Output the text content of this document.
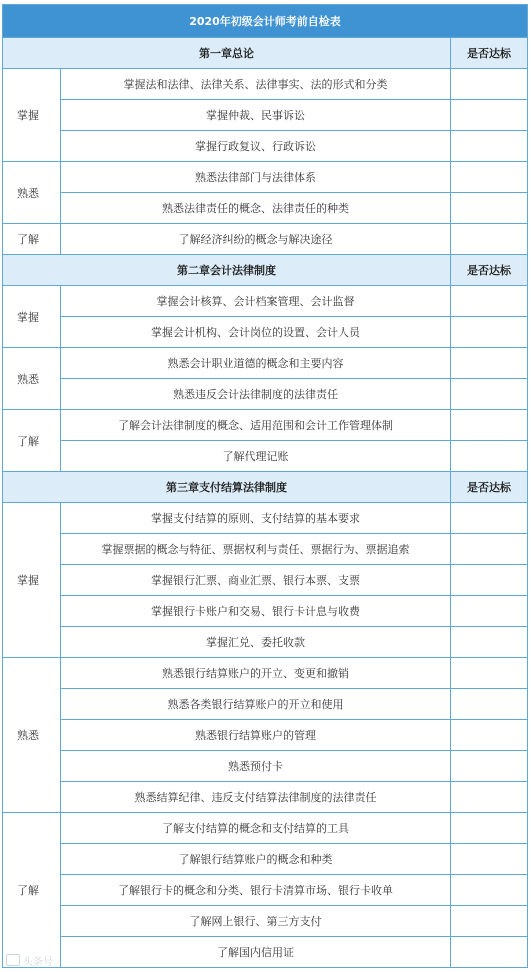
2020年初级会计师考前自检表		
第一章总论		是否达标
掌握	掌握法和法律、法律关系、法律事实、法的形式和分类	
	掌握仲裁、民事诉讼	
	掌握行政复议、行政诉讼	
熟悉	熟悉法律部门与法律体系	
	熟悉法律责任的概念、法律责任的种类	
了解	了解经济纠纷的概念与解决途径	
第二章会计法律制度		是否达标
掌握	掌握会计核算、会计档案管理、会计监督	
	掌握会计机构、会计岗位的设置、会计人员	
熟悉	熟悉会计职业道德的概念和主要内容	
	熟悉违反会计法律制度的法律责任	
了解	了解会计法律制度的概念、适用范围和会计工作管理体制	
	了解代理记账	
第三章支付结算法律制度		是否达标
掌握	掌握支付结算的原则、支付结算的基本要求	
	掌握票据的概念与特征、票据权利与责任、票据行为、票据追索	
	掌握银行汇票、商业汇票、银行本票、支票	
	掌握银行卡账户和交易、银行卡计息与收费	
	掌握汇兑、委托收款	
熟悉	熟悉银行结算账户的开立、变更和撤销	
	熟悉各类银行结算账户的开立和使用	
	熟悉银行结算账户的管理	
	熟悉预付卡	
	熟悉结算纪律、违反支付结算法律制度的法律责任	
了解	了解支付结算的概念和支付结算的工具	
	了解银行结算账户的概念和种类	
	了解银行卡的概念和分类、银行卡清算市场、银行卡收单	
	了解网上银行、第三方支付	
	了解国内信用证	
头条号
